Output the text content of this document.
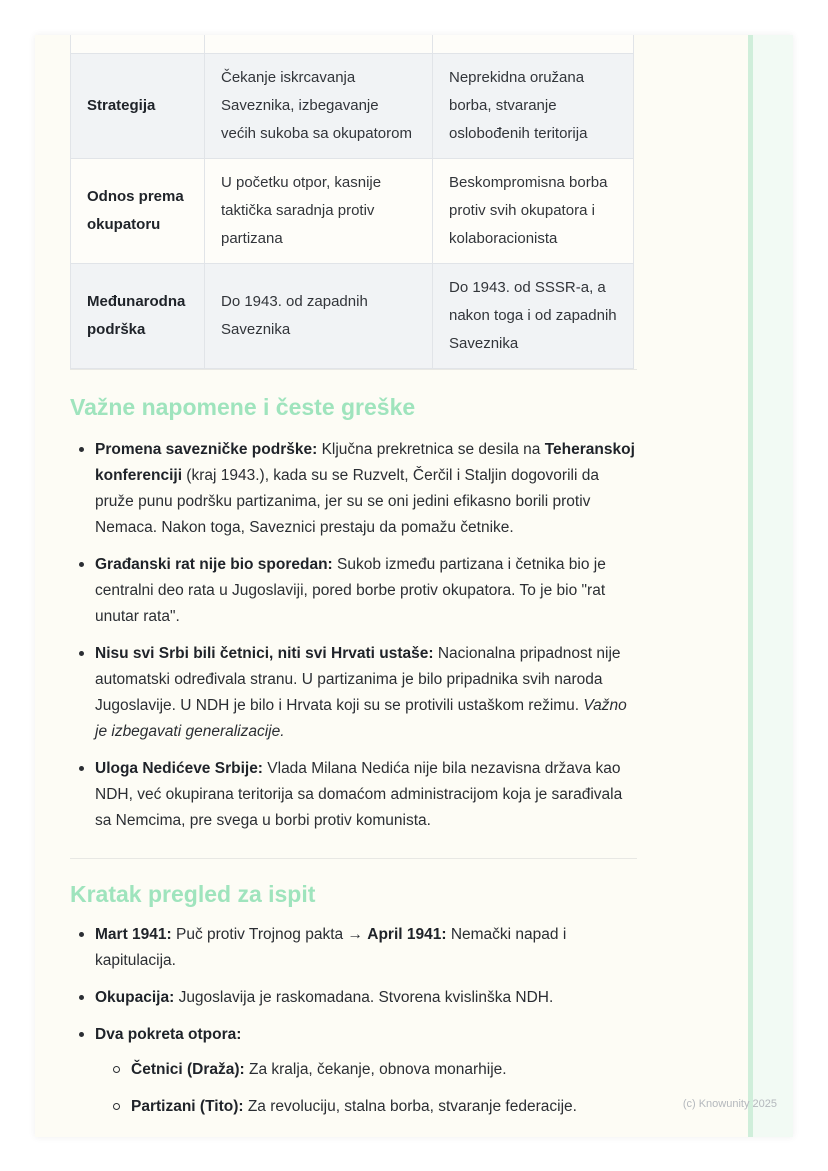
Strategija	Čekanje iskrcavanja Saveznika, izbegavanje većih sukoba sa okupatorom	Neprekidna oružana borba, stvaranje oslobođenih teritorija
Odnos prema okupatoru	U početku otpor, kasnije taktička saradnja protiv partizana	Beskompromisna borba protiv svih okupatora i kolaboracionista
Međunarodna podrška	Do 1943. od zapadnih Saveznika	Do 1943. od SSSR-a, a nakon toga i od zapadnih Saveznika
Važne napomene i česte greške
Promena savezničke podrške: Ključna prekretnica se desila na Teheranskoj konferenciji (kraj 1943.), kada su se Ruzvelt, Čerčil i Staljin dogovorili da pruže punu podršku partizanima, jer su se oni jedini efikasno borili protiv Nemaca. Nakon toga, Saveznici prestaju da pomažu četnike.
Građanski rat nije bio sporedan: Sukob između partizana i četnika bio je centralni deo rata u Jugoslaviji, pored borbe protiv okupatora. To je bio "rat unutar rata".
Nisu svi Srbi bili četnici, niti svi Hrvati ustaše: Nacionalna pripadnost nije automatski određivala stranu. U partizanima je bilo pripadnika svih naroda Jugoslavije. U NDH je bilo i Hrvata koji su se protivili ustaškom režimu. Važno je izbegavati generalizacije.
Uloga Nedićeve Srbije: Vlada Milana Nedića nije bila nezavisna država kao NDH, već okupirana teritorija sa domaćom administracijom koja je sarađivala sa Nemcima, pre svega u borbi protiv komunista.
Kratak pregled za ispit
Mart 1941: Puč protiv Trojnog pakta → April 1941: Nemački napad i kapitulacija.
Okupacija: Jugoslavija je raskomadana. Stvorena kvislinška NDH.
Dva pokreta otpora:
Četnici (Draža): Za kralja, čekanje, obnova monarhije.
Partizani (Tito): Za revoluciju, stalna borba, stvaranje federacije.	(c) Knowunity 2025
